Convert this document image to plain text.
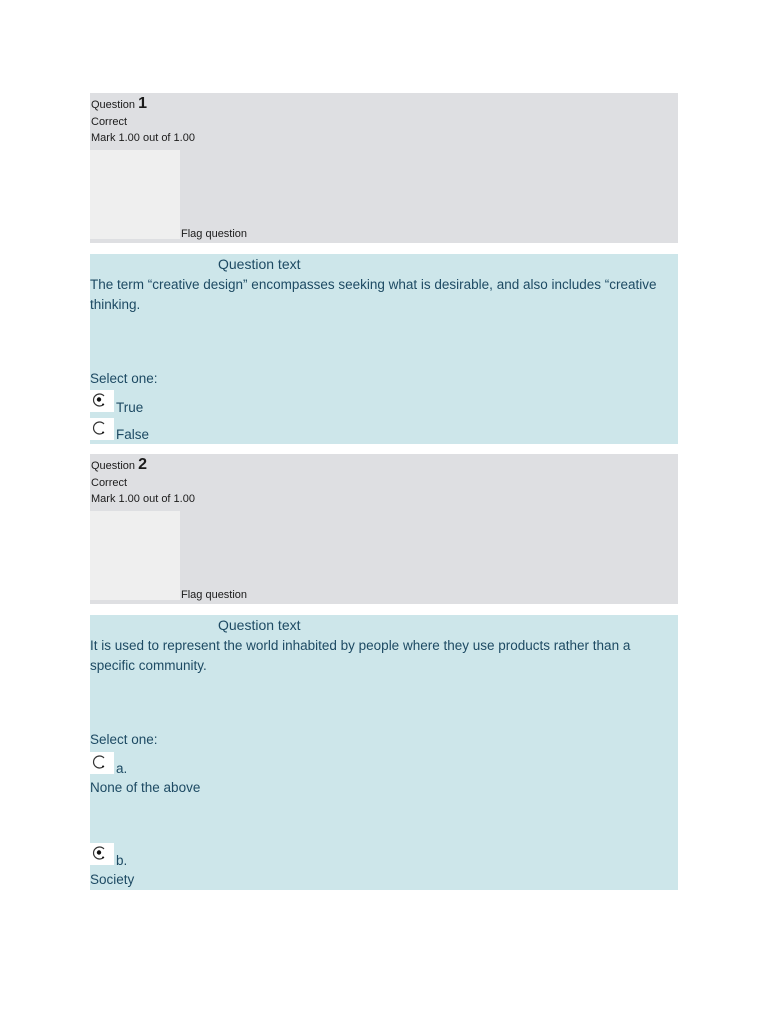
Question 1
Correct
Mark 1.00 out of 1.00
Flag question
Question text
The term “creative design” encompasses seeking what is desirable, and also includes “creative thinking.
Select one:
True
False
Question 2
Correct
Mark 1.00 out of 1.00
Flag question
Question text
It is used to represent the world inhabited by people where they use products rather than a specific community.
Select one:
a.
None of the above
b.
Society
